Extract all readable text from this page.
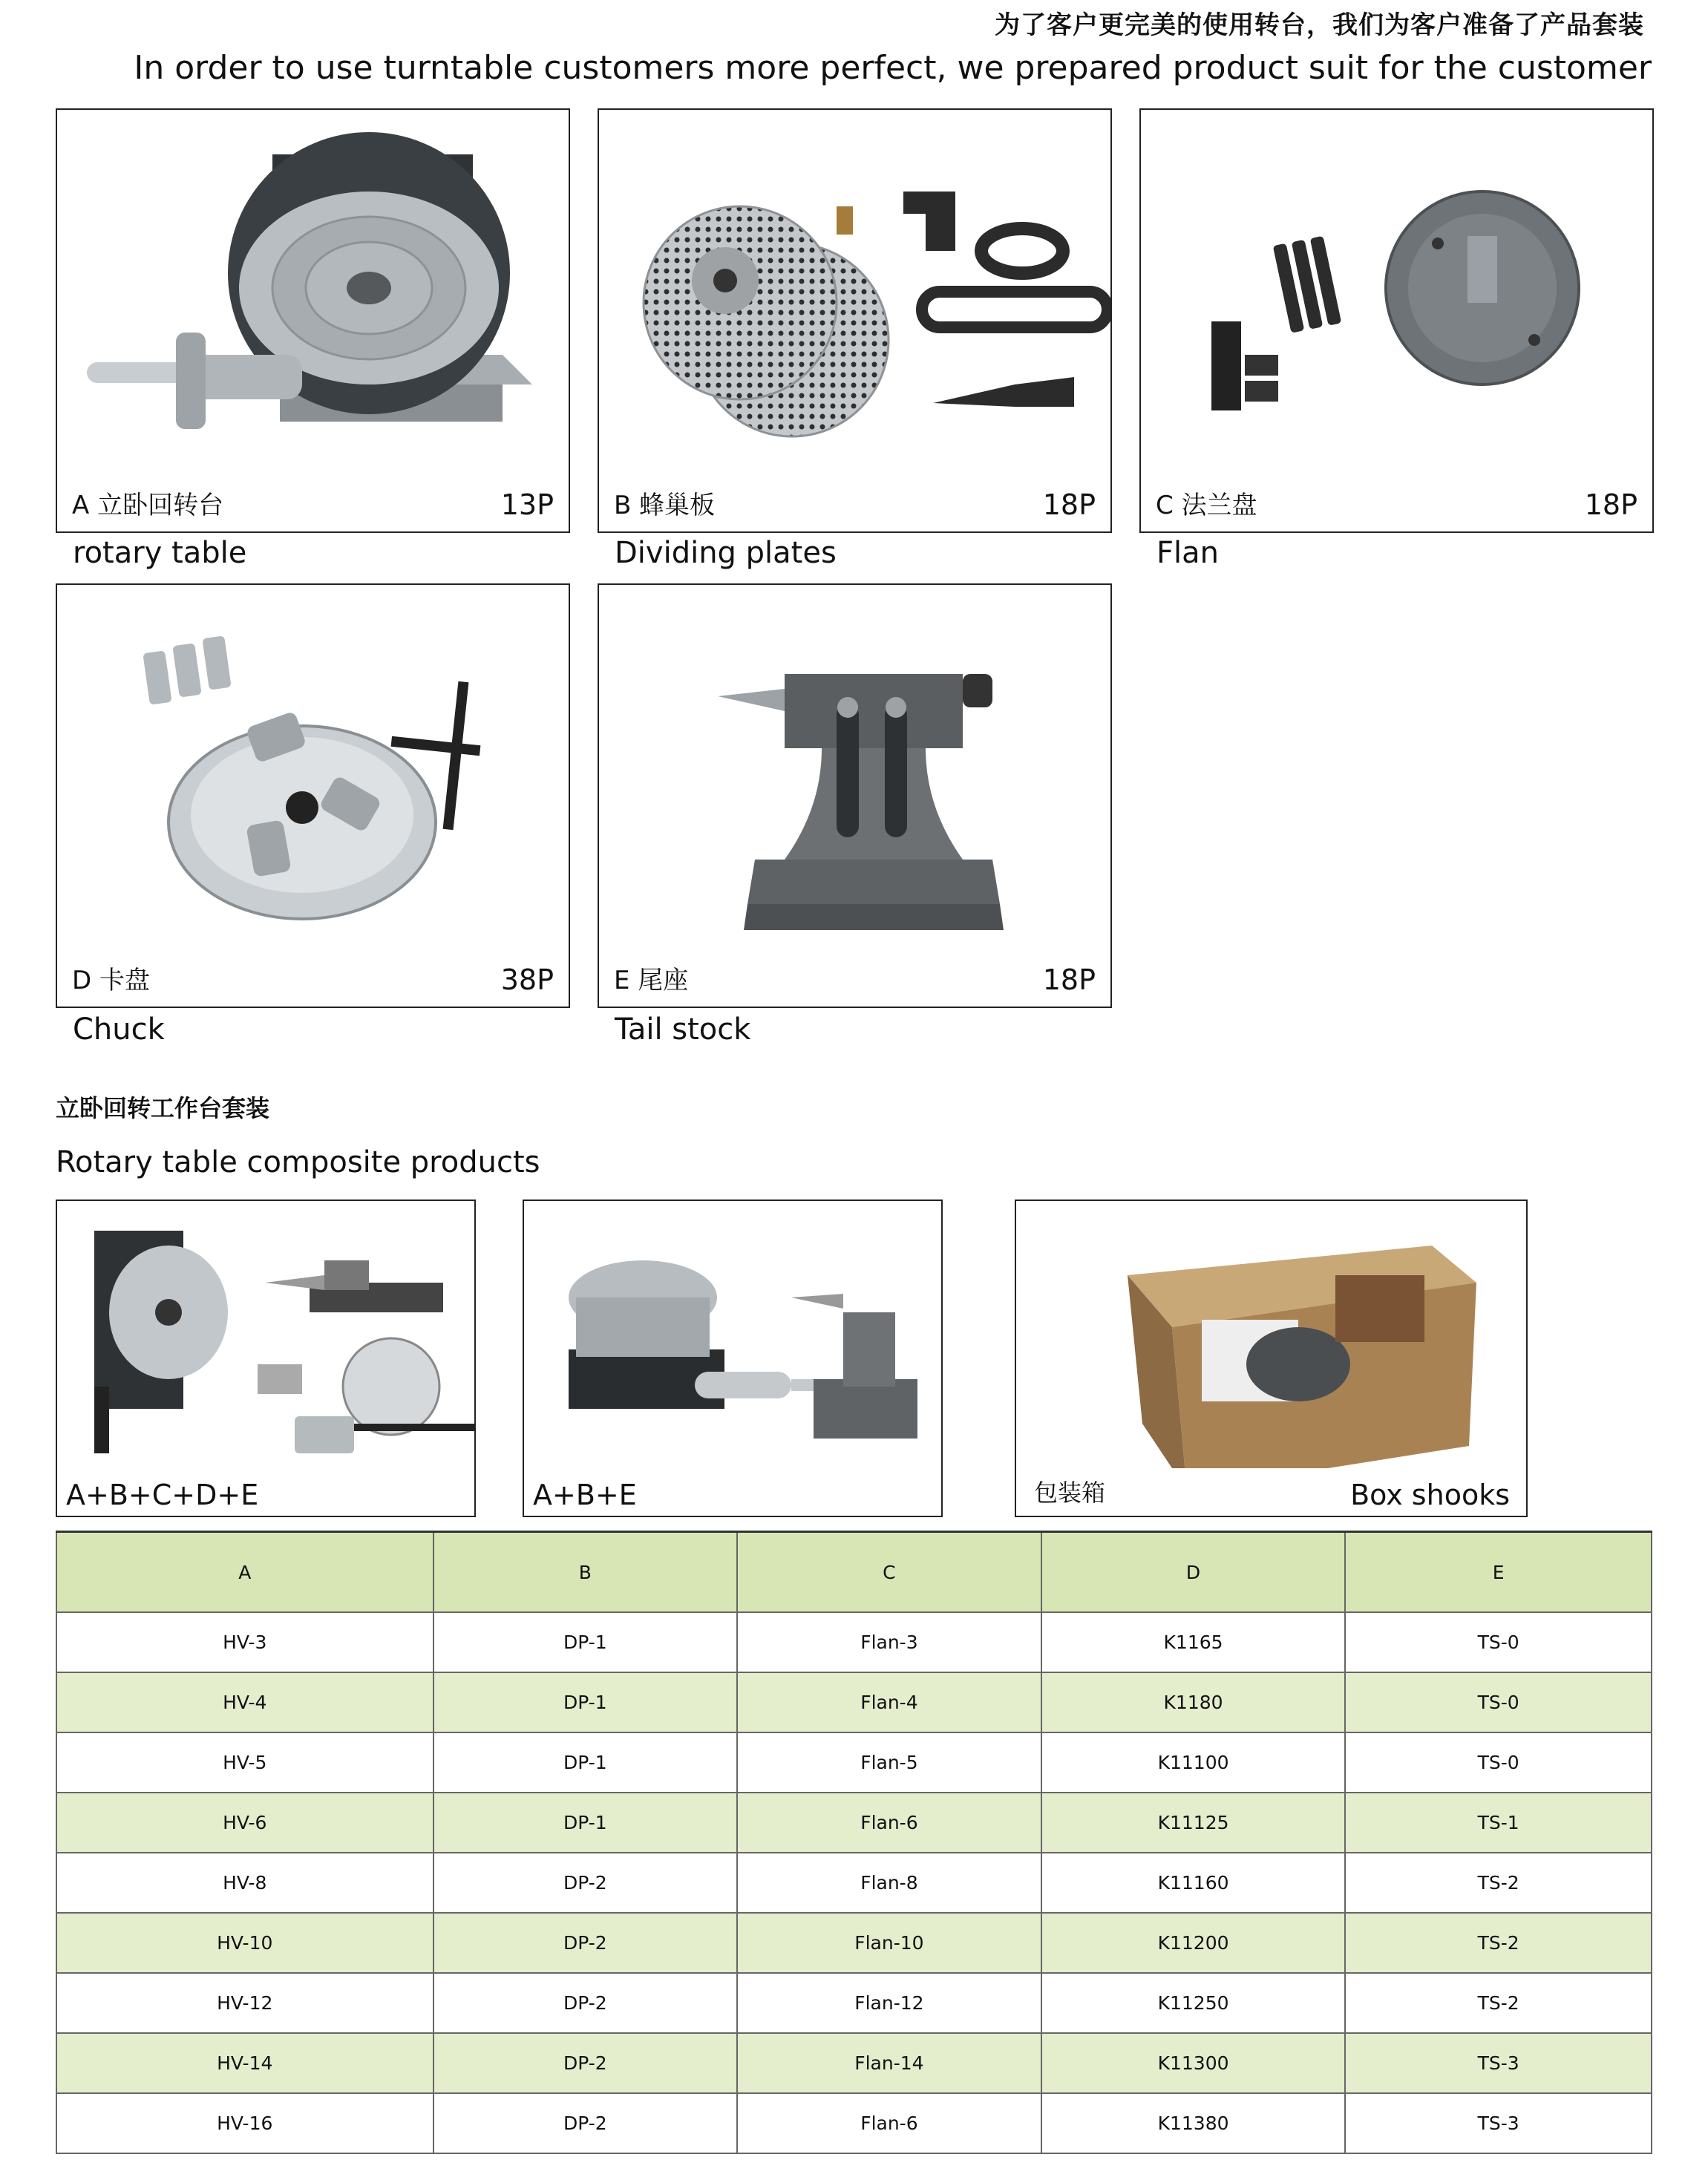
为了客户更完美的使用转台，我们为客户准备了产品套装
In order to use turntable customers more perfect, we prepared product suit for the customer
A 立卧回转台	13P
rotary table
B 蜂巢板	18P
Dividing plates
C 法兰盘	18P
Flan
D 卡盘	38P
Chuck
E 尾座	18P
Tail stock
立卧回转工作台套装
Rotary table composite products
A+B+C+D+E	A+B+E	包装箱	Box shooks
A	B	C	D	E
HV-3	DP-1	Flan-3	K1165	TS-0
HV-4	DP-1	Flan-4	K1180	TS-0
HV-5	DP-1	Flan-5	K11100	TS-0
HV-6	DP-1	Flan-6	K11125	TS-1
HV-8	DP-2	Flan-8	K11160	TS-2
HV-10	DP-2	Flan-10	K11200	TS-2
HV-12	DP-2	Flan-12	K11250	TS-2
HV-14	DP-2	Flan-14	K11300	TS-3
HV-16	DP-2	Flan-6	K11380	TS-3
